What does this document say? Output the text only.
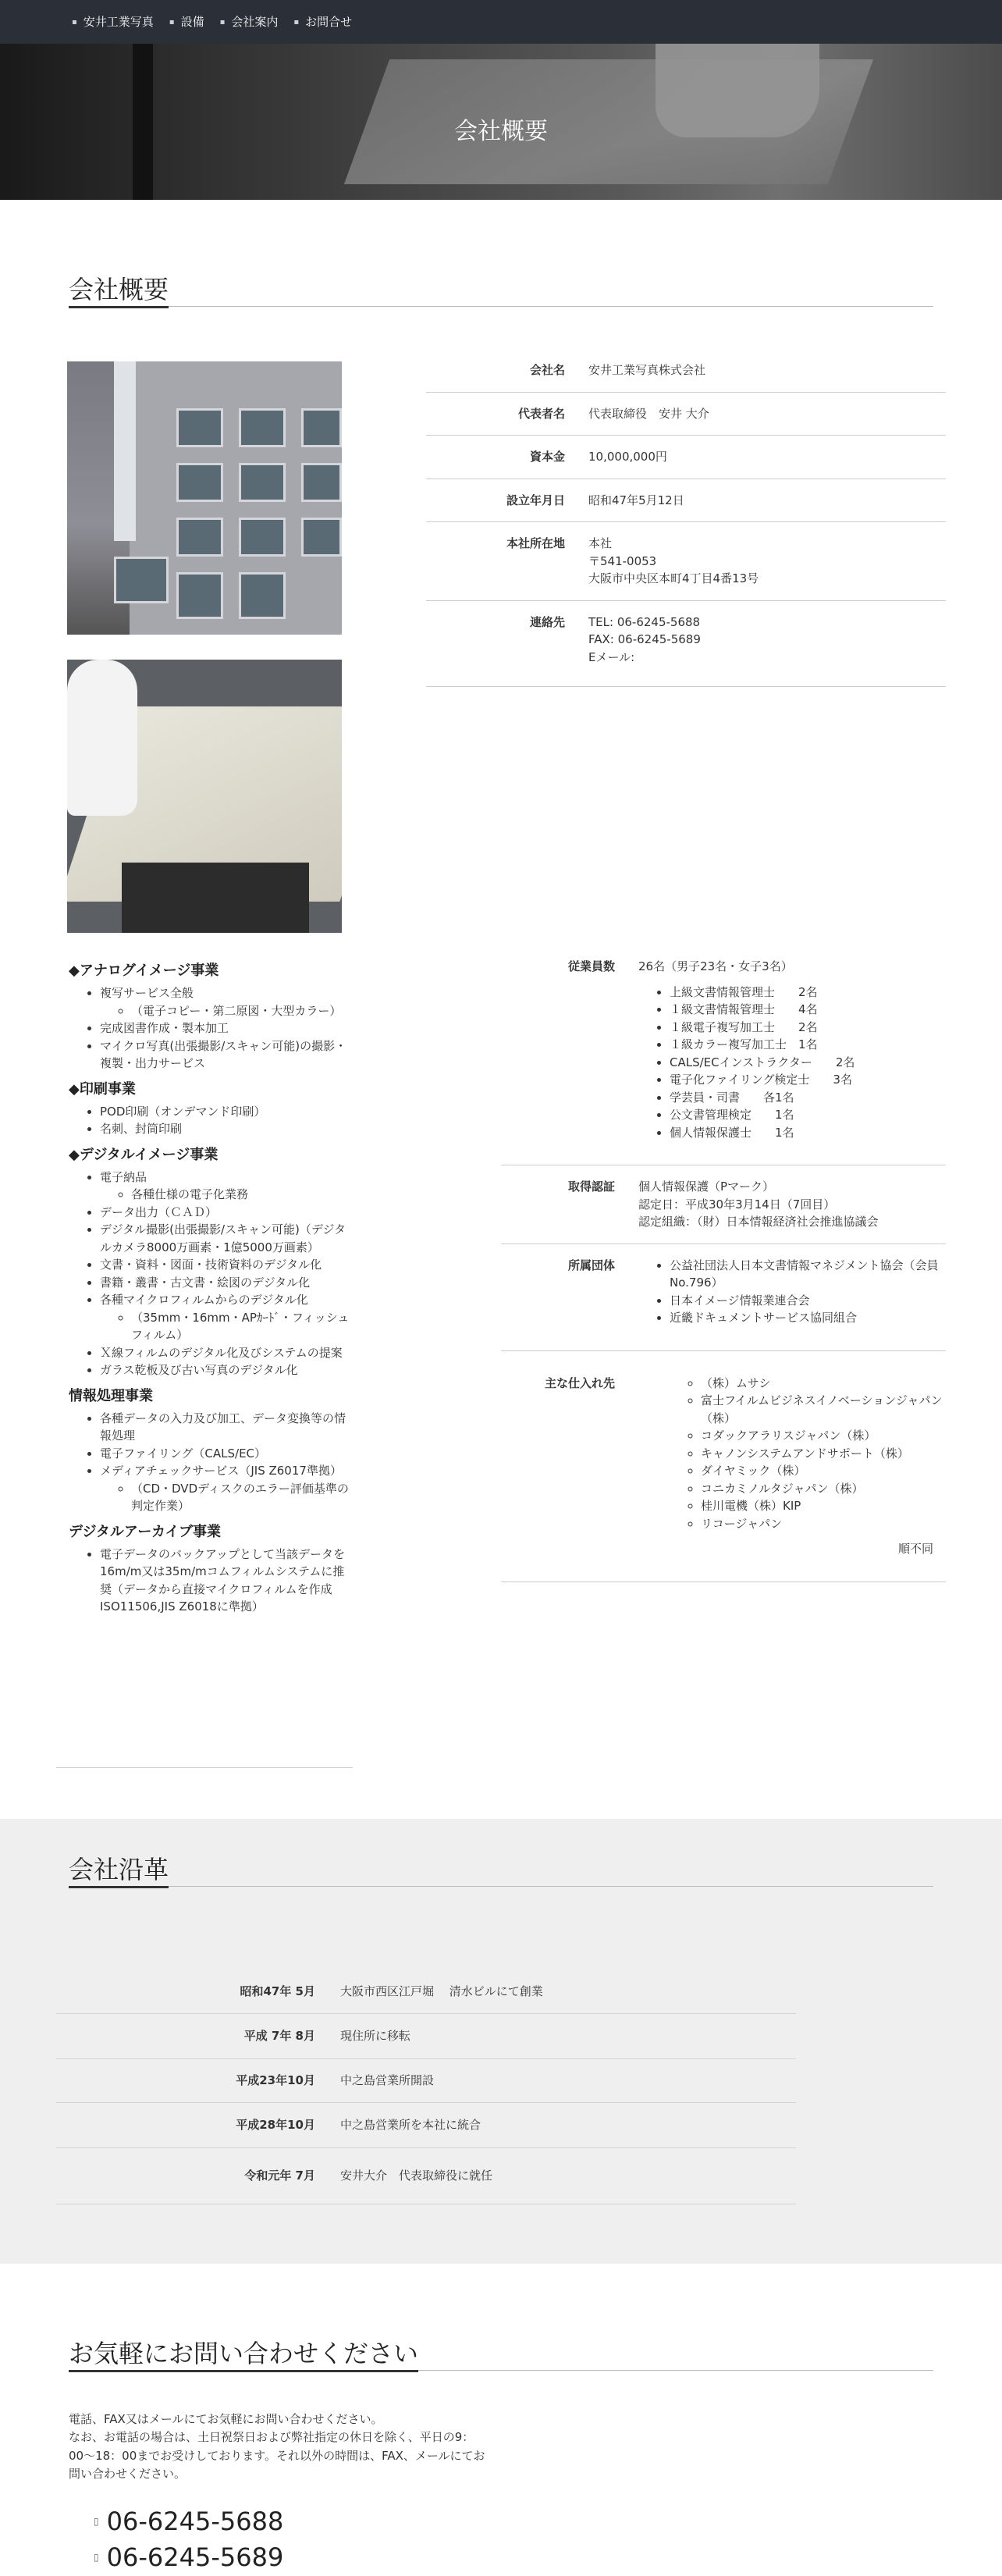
▪ 安井工業写真 ▪ 設備 ▪ 会社案内 ▪ お問合せ
会社概要
会社概要
会社名	安井工業写真株式会社
代表者名	代表取締役　安井 大介
資本金	10,000,000円
設立年月日	昭和47年5月12日
本社所在地	本社
〒541-0053
大阪市中央区本町4丁目4番13号
連絡先	TEL: 06-6245-5688
FAX: 06-6245-5689
Eメール:
◆アナログイメージ事業
• 複写サービス全般
◦ （電子コピー・第二原図・大型カラー）
• 完成図書作成・製本加工
• マイクロ写真(出張撮影/スキャン可能)の撮影・複製・出力サービス
◆印刷事業
• POD印刷（オンデマンド印刷）
• 名刺、封筒印刷
◆デジタルイメージ事業
• 電子納品
◦ 各種仕様の電子化業務
• データ出力（ＣＡＤ）
• デジタル撮影(出張撮影/スキャン可能)（デジタルカメラ8000万画素・1億5000万画素）
• 文書・資料・図面・技術資料のデジタル化
• 書籍・叢書・古文書・絵図のデジタル化
• 各種マイクロフィルムからのデジタル化
◦ （35mm・16mm・APｶｰﾄﾞ・フィッシュフィルム）
• Ｘ線フィルムのデジタル化及びシステムの提案
• ガラス乾板及び古い写真のデジタル化
情報処理事業
• 各種データの入力及び加工、データ変換等の情報処理
• 電子ファイリング（CALS/EC）
• メディアチェックサービス（JIS Z6017準拠）
◦ （CD・DVDディスクのエラー評価基準の判定作業）
デジタルアーカイブ事業
• 電子データのバックアップとして当該データを16m/m又は35m/mコムフィルムシステムに推奨（データから直接マイクロフィルムを作成 ISO11506,JIS Z6018に準拠）
従業員数	26名（男子23名・女子3名）
• 上級文書情報管理士　　2名
• １級文書情報管理士　　4名
• １級電子複写加工士　　2名
• １級カラー複写加工士　1名
• CALS/ECインストラクター　　2名
• 電子化ファイリング検定士　　3名
• 学芸員・司書　　各1名
• 公文書管理検定　　1名
• 個人情報保護士　　1名
取得認証	個人情報保護（Pマーク）
認定日：平成30年3月14日（7回目）
認定組織：（財）日本情報経済社会推進協議会
所属団体	• 公益社団法人日本文書情報マネジメント協会（会員No.796）
• 日本イメージ情報業連合会
• 近畿ドキュメントサービス協同組合
主な仕入れ先	◦ （株）ムサシ
◦ 富士フイルムビジネスイノベーションジャパン（株）
◦ コダックアラリスジャパン（株）
◦ キャノンシステムアンドサポート（株）
◦ ダイヤミック（株）
◦ コニカミノルタジャパン（株）
◦ 桂川電機（株）KIP
◦ リコージャパン
順不同
会社沿革
昭和47年 5月	大阪市西区江戸堀　 清水ビルにて創業
平成 7年 8月	現住所に移転
平成23年10月	中之島営業所開設
平成28年10月	中之島営業所を本社に統合
令和元年 7月	安井大介　代表取締役に就任
お気軽にお問い合わせください
電話、FAX又はメールにてお気軽にお問い合わせください。
なお、お電話の場合は、土日祝祭日および弊社指定の休日を除く、平日の9：00〜18：00までお受けしております。それ以外の時間は、FAX、メールにてお問い合わせください。
▯ 06-6245-5688
▯ 06-6245-5689
